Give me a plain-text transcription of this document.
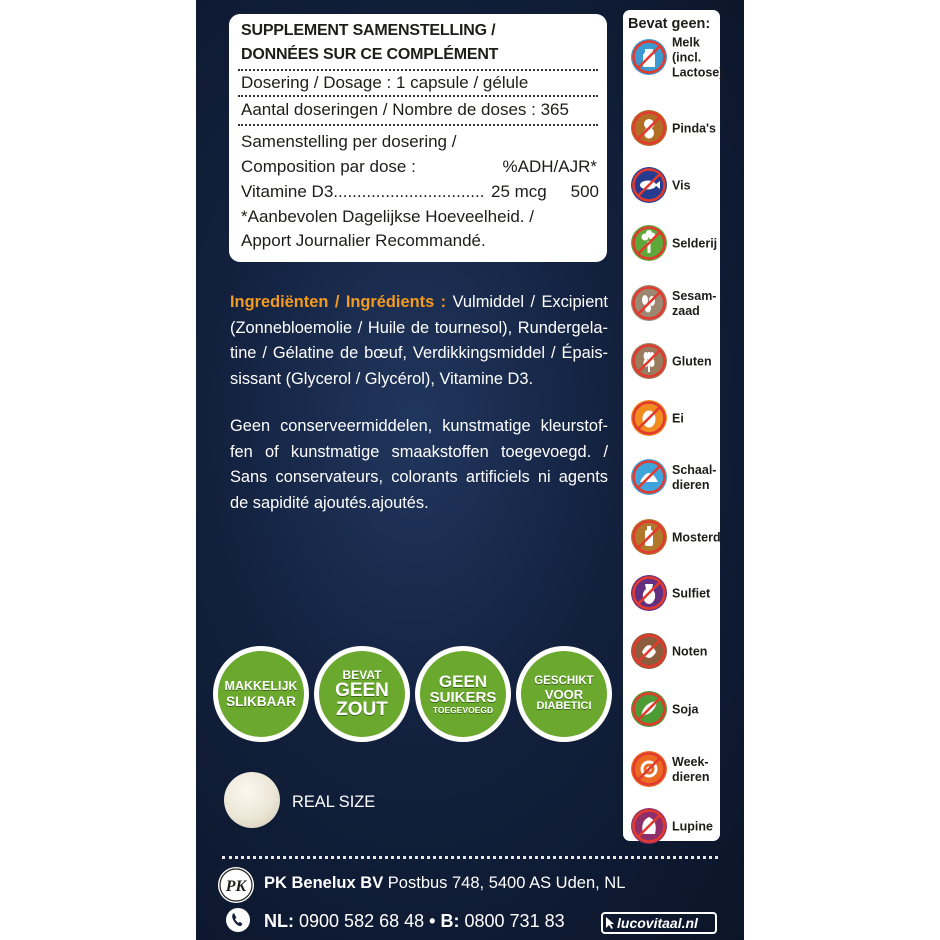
SUPPLEMENT SAMENSTELLING /
DONNÉES SUR CE COMPLÉMENT
Dosering / Dosage : 1 capsule / gélule
Aantal doseringen / Nombre de doses : 365
Samenstelling per dosering /
Composition par dose :	%ADH/AJR*
Vitamine D3................................ 25 mcg 500
*Aanbevolen Dagelijkse Hoeveelheid. /
Apport Journalier Recommandé.
Ingrediënten / Ingrédients : Vulmiddel / Excipient
(Zonnebloemolie / Huile de tournesol), Rundergela-
tine / Gélatine de bœuf, Verdikkingsmiddel / Épais-
sissant (Glycerol / Glycérol), Vitamine D3.
Geen conserveermiddelen, kunstmatige kleurstof-
fen of kunstmatige smaakstoffen toegevoegd. /
Sans conservateurs, colorants artificiels ni agents
de sapidité ajoutés.ajoutés.
Bevat geen:
Melk
(incl.
Lactose)
Pinda's
Vis
Selderij
Sesam-
zaad
Gluten
Ei
Schaal-
dieren
Mosterd
Sulfiet
Noten
Soja
Week-
dieren
Lupine
MAKKELIJK
SLIKBAAR
BEVAT
GEEN
ZOUT
GEEN
SUIKERS
TOEGEVOEGD
GESCHIKT
VOOR
DIABETICI
REAL SIZE
PK PK Benelux BV Postbus 748, 5400 AS Uden, NL
NL: 0900 582 68 48 • B: 0800 731 83	lucovitaal.nl
